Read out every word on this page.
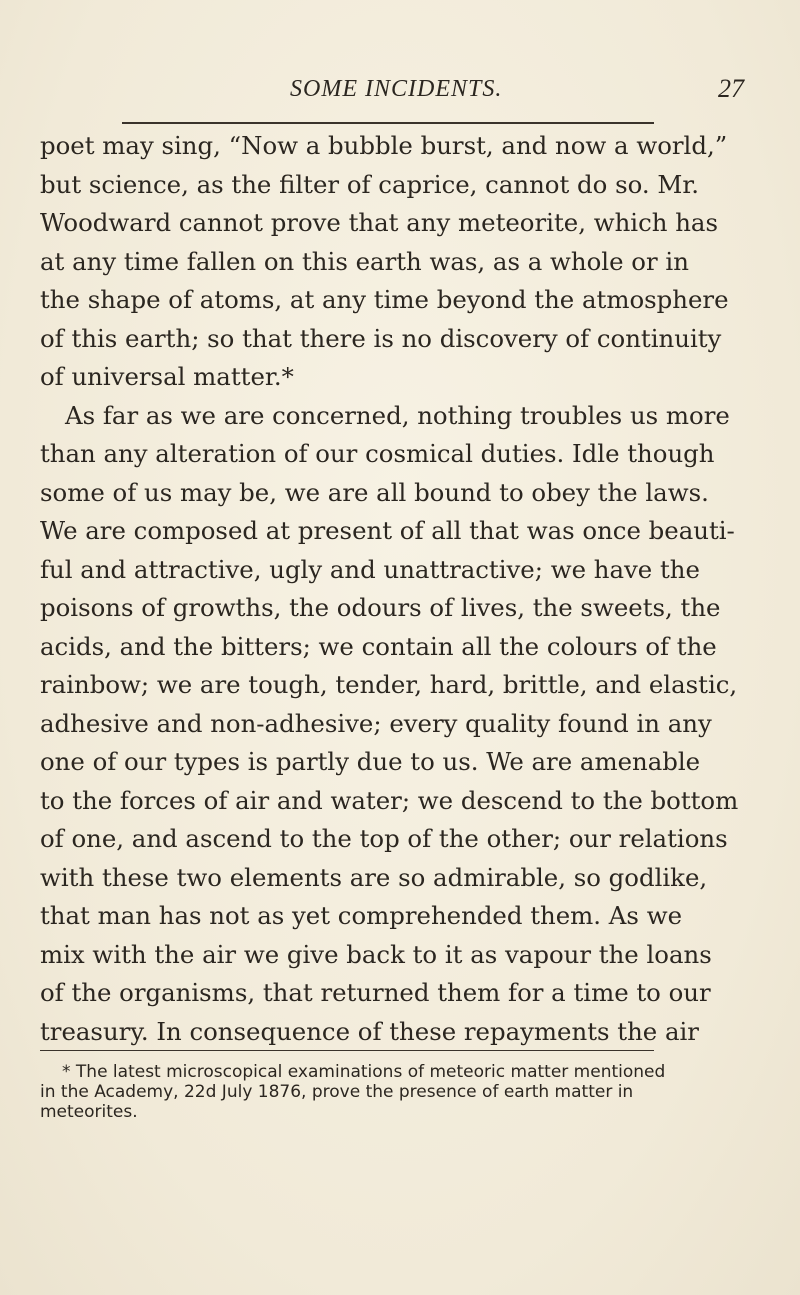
SOME INCIDENTS.	27
poet may sing, “Now a bubble burst, and now a world,”
but science, as the filter of caprice, cannot do so. Mr.
Woodward cannot prove that any meteorite, which has
at any time fallen on this earth was, as a whole or in
the shape of atoms, at any time beyond the atmosphere
of this earth; so that there is no discovery of continuity
of universal matter.*
As far as we are concerned, nothing troubles us more
than any alteration of our cosmical duties. Idle though
some of us may be, we are all bound to obey the laws.
We are composed at present of all that was once beauti-
ful and attractive, ugly and unattractive; we have the
poisons of growths, the odours of lives, the sweets, the
acids, and the bitters; we contain all the colours of the
rainbow; we are tough, tender, hard, brittle, and elastic,
adhesive and non-adhesive; every quality found in any
one of our types is partly due to us. We are amenable
to the forces of air and water; we descend to the bottom
of one, and ascend to the top of the other; our relations
with these two elements are so admirable, so godlike,
that man has not as yet comprehended them. As we
mix with the air we give back to it as vapour the loans
of the organisms, that returned them for a time to our
treasury. In consequence of these repayments the air
* The latest microscopical examinations of meteoric matter mentioned
in the Academy, 22d July 1876, prove the presence of earth matter in
meteorites.
